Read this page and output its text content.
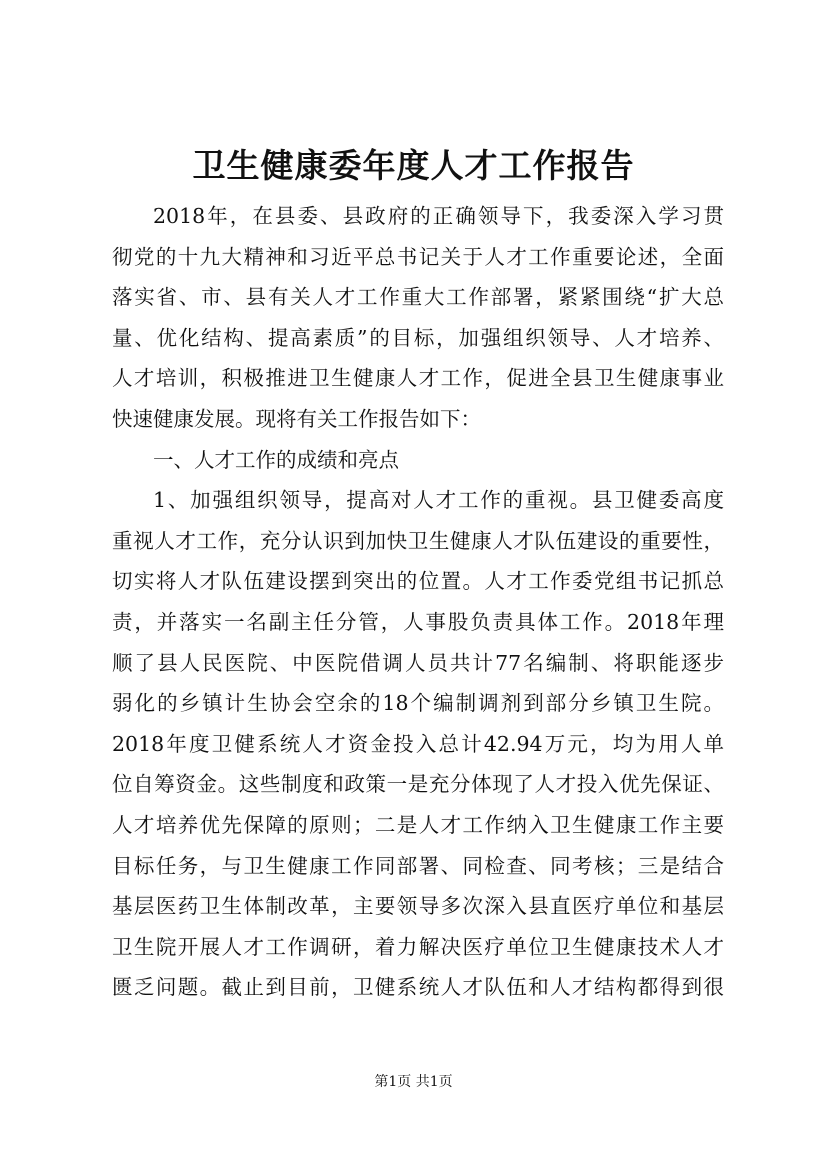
卫生健康委年度人才工作报告
2018年，在县委、县政府的正确领导下，我委深入学习贯
彻党的十九大精神和习近平总书记关于人才工作重要论述，全面
落实省、市、县有关人才工作重大工作部署，紧紧围绕“扩大总
量、优化结构、提高素质”的目标，加强组织领导、人才培养、
人才培训，积极推进卫生健康人才工作，促进全县卫生健康事业
快速健康发展。现将有关工作报告如下：
一、人才工作的成绩和亮点
1、加强组织领导，提高对人才工作的重视。县卫健委高度
重视人才工作，充分认识到加快卫生健康人才队伍建设的重要性，
切实将人才队伍建设摆到突出的位置。人才工作委党组书记抓总
责，并落实一名副主任分管，人事股负责具体工作。2018年理
顺了县人民医院、中医院借调人员共计77名编制、将职能逐步
弱化的乡镇计生协会空余的18个编制调剂到部分乡镇卫生院。
2018年度卫健系统人才资金投入总计42.94万元，均为用人单
位自筹资金。这些制度和政策一是充分体现了人才投入优先保证、
人才培养优先保障的原则；二是人才工作纳入卫生健康工作主要
目标任务，与卫生健康工作同部署、同检查、同考核；三是结合
基层医药卫生体制改革，主要领导多次深入县直医疗单位和基层
卫生院开展人才工作调研，着力解决医疗单位卫生健康技术人才
匮乏问题。截止到目前，卫健系统人才队伍和人才结构都得到很
第1页 共1页
